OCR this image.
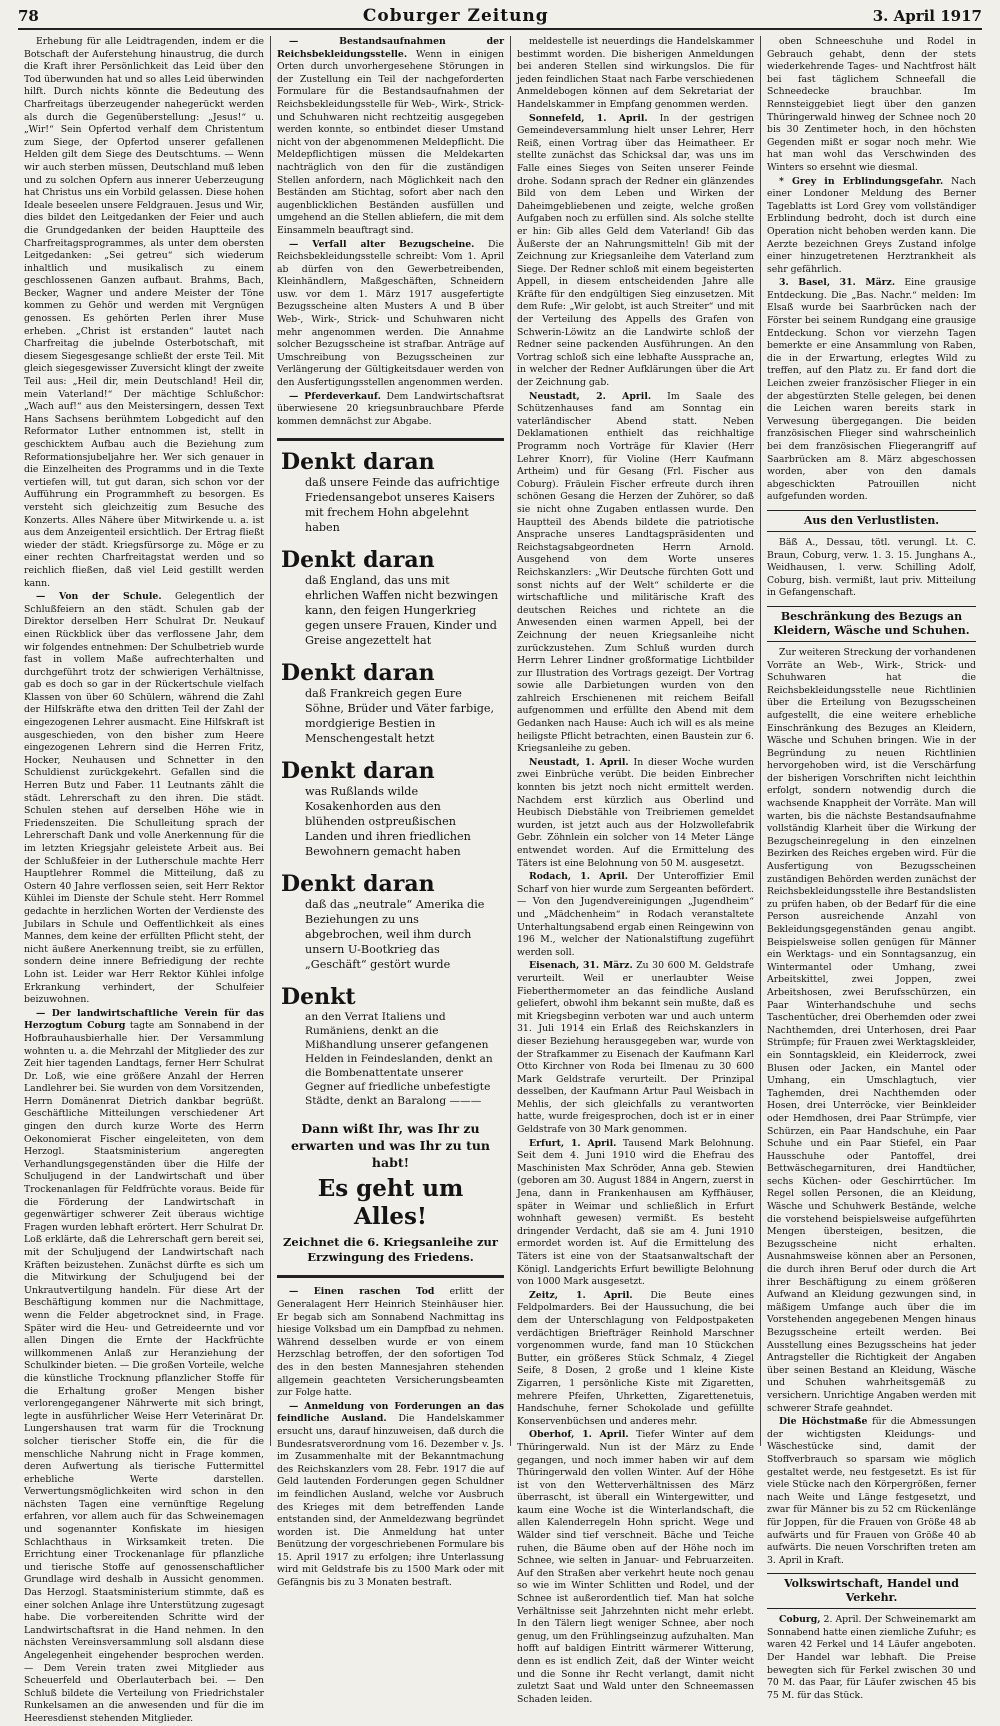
78	Coburger Zeitung	3. April 1917

Erhebung für alle Leidtragenden, indem er die Botschaft der Auferstehung hinaustrug, die durch die Kraft ihrer Persönlichkeit das Leid über den Tod überwunden hat und so alles Leid überwinden hilft. Durch nichts könnte die Bedeutung des Charfreitags überzeugender nahegerückt werden als durch die Gegenüberstellung: „Jesus!“ u. „Wir!“ Sein Opfertod verhalf dem Christentum zum Siege, der Opfertod unserer gefallenen Helden gilt dem Siege des Deutschtums. — Wenn wir auch sterben müssen, Deutschland muß leben und zu solchen Opfern aus innerer Ueberzeugung hat Christus uns ein Vorbild gelassen. Diese hohen Ideale beseelen unsere Feldgrauen. Jesus und Wir, dies bildet den Leitgedanken der Feier und auch die Grundgedanken der beiden Hauptteile des Charfreitagsprogrammes, als unter dem obersten Leitgedanken: „Sei getreu“ sich wiederum inhaltlich und musikalisch zu einem geschlossenen Ganzen aufbaut. Brahms, Bach, Becker, Wagner und andere Meister der Töne kommen zu Gehör und werden mit Vergnügen genossen. Es gehörten Perlen ihrer Muse erheben. „Christ ist erstanden“ lautet nach Charfreitag die jubelnde Osterbotschaft, mit diesem Siegesgesange schließt der erste Teil. Mit gleich siegesgewisser Zuversicht klingt der zweite Teil aus: „Heil dir, mein Deutschland! Heil dir, mein Vaterland!“ Der mächtige Schlußchor: „Wach auf!“ aus den Meistersingern, dessen Text Hans Sachsens berühmtem Lobgedicht auf den Reformator Luther entnommen ist, stellt in geschicktem Aufbau auch die Beziehung zum Reformationsjubeljahre her. Wer sich genauer in die Einzelheiten des Programms und in die Texte vertiefen will, tut gut daran, sich schon vor der Aufführung ein Programmheft zu besorgen. Es versteht sich gleichzeitig zum Besuche des Konzerts. Alles Nähere über Mitwirkende u. a. ist aus dem Anzeigenteil ersichtlich. Der Ertrag fließt wieder der städt. Kriegsfürsorge zu. Möge er zu einer rechten Charfreitagstat werden und so reichlich fließen, daß viel Leid gestillt werden kann.

— Von der Schule. Gelegentlich der Schlußfeiern an den städt. Schulen gab der Direktor derselben Herr Schulrat Dr. Neukauf einen Rückblick über das verflossene Jahr, dem wir folgendes entnehmen: Der Schulbetrieb wurde fast in vollem Maße aufrechterhalten und durchgeführt trotz der schwierigen Verhältnisse, gab es doch so gar in der Rückertschule vielfach Klassen von über 60 Schülern, während die Zahl der Hilfskräfte etwa den dritten Teil der Zahl der eingezogenen Lehrer ausmacht. Eine Hilfskraft ist ausgeschieden, von den bisher zum Heere eingezogenen Lehrern sind die Herren Fritz, Hocker, Neuhausen und Schnetter in den Schuldienst zurückgekehrt. Gefallen sind die Herren Butz und Faber. 11 Leutnants zählt die städt. Lehrerschaft zu den ihren. Die städt. Schulen stehen auf derselben Höhe wie in Friedenszeiten. Die Schulleitung sprach der Lehrerschaft Dank und volle Anerkennung für die im letzten Kriegsjahr geleistete Arbeit aus. Bei der Schlußfeier in der Lutherschule machte Herr Hauptlehrer Rommel die Mitteilung, daß zu Ostern 40 Jahre verflossen seien, seit Herr Rektor Kühlei im Dienste der Schule steht. Herr Rommel gedachte in herzlichen Worten der Verdienste des Jubilars in Schule und Oeffentlichkeit als eines Mannes, dem keine der erfüllten Pflicht steht, der nicht äußere Anerkennung treibt, sie zu erfüllen, sondern deine innere Befriedigung der rechte Lohn ist. Leider war Herr Rektor Kühlei infolge Erkrankung verhindert, der Schulfeier beizuwohnen.

— Der landwirtschaftliche Verein für das Herzogtum Coburg tagte am Sonnabend in der Hofbrauhausbierhalle hier. Der Versammlung wohnten u. a. die Mehrzahl der Mitglieder des zur Zeit hier tagenden Landtags, ferner Herr Schulrat Dr. Loß, wie eine größere Anzahl der Herren Landlehrer bei. Sie wurden von dem Vorsitzenden, Herrn Domänenrat Dietrich dankbar begrüßt. Geschäftliche Mitteilungen verschiedener Art gingen den durch kurze Worte des Herrn Oekonomierat Fischer eingeleiteten, von dem Herzogl. Staatsministerium angeregten Verhandlungsgegenständen über die Hilfe der Schuljugend in der Landwirtschaft und über Trockenanlagen für Feldfrüchte voraus. Beide für die Förderung der Landwirtschaft in gegenwärtiger schwerer Zeit überaus wichtige Fragen wurden lebhaft erörtert. Herr Schulrat Dr. Loß erklärte, daß die Lehrerschaft gern bereit sei, mit der Schuljugend der Landwirtschaft nach Kräften beizustehen. Zunächst dürfte es sich um die Mitwirkung der Schuljugend bei der Unkrautvertilgung handeln. Für diese Art der Beschäftigung kommen nur die Nachmittage, wenn die Felder abgetrocknet sind, in Frage. Später wird die Heu- und Getreideernte und vor allen Dingen die Ernte der Hackfrüchte willkommenen Anlaß zur Heranziehung der Schulkinder bieten. — Die großen Vorteile, welche die künstliche Trocknung pflanzlicher Stoffe für die Erhaltung großer Mengen bisher verlorengegangener Nährwerte mit sich bringt, legte in ausführlicher Weise Herr Veterinärat Dr. Lungershausen trat warm für die Trocknung solcher tierischer Stoffe ein, die für die menschliche Nahrung nicht in Frage kommen, deren Aufwertung als tierische Futtermittel erhebliche Werte darstellen. Verwertungsmöglichkeiten wird schon in den nächsten Tagen eine vernünftige Regelung erfahren, vor allem auch für das Schweinemagen und sogenannter Konfiskate im hiesigen Schlachthaus in Wirksamkeit treten. Die Errichtung einer Trockenanlage für pflanzliche und tierische Stoffe auf genossenschaftlicher Grundlage wird deshalb in Aussicht genommen. Das Herzogl. Staatsministerium stimmte, daß es einer solchen Anlage ihre Unterstützung zugesagt habe. Die vorbereitenden Schritte wird der Landwirtschaftsrat in die Hand nehmen. In den nächsten Vereinsversammlung soll alsdann diese Angelegenheit eingehender besprochen werden. — Dem Verein traten zwei Mitglieder aus Scheuerfeld und Oberlauterbach bei. — Den Schluß bildete die Verteilung von Friedrichstaler Runkelsamen an die anwesenden und für die im Heeresdienst stehenden Mitglieder.

— Bestandsaufnahmen der Reichsbekleidungsstelle. Wenn in einigen Orten durch unvorhergesehene Störungen in der Zustellung ein Teil der nachgeforderten Formulare für die Bestandsaufnahmen der Reichsbekleidungsstelle für Web-, Wirk-, Strick- und Schuhwaren nicht rechtzeitig ausgegeben werden konnte, so entbindet dieser Umstand nicht von der abgenommenen Meldepflicht. Die Meldepflichtigen müssen die Meldekarten nachträglich von den für die zuständigen Stellen anfordern, nach Möglichkeit nach den Beständen am Stichtag, sofort aber nach den augenblicklichen Beständen ausfüllen und umgehend an die Stellen abliefern, die mit dem Einsammeln beauftragt sind.

— Verfall alter Bezugscheine. Die Reichsbekleidungsstelle schreibt: Vom 1. April ab dürfen von den Gewerbetreibenden, Kleinhändlern, Maßgeschäften, Schneidern usw. vor dem 1. März 1917 ausgefertigte Bezugsscheine alten Musters A und B über Web-, Wirk-, Strick- und Schuhwaren nicht mehr angenommen werden. Die Annahme solcher Bezugsscheine ist strafbar. Anträge auf Umschreibung von Bezugsscheinen zur Verlängerung der Gültigkeitsdauer werden von den Ausfertigungsstellen angenommen werden.

— Pferdeverkauf. Dem Landwirtschaftsrat überwiesene 20 kriegsunbrauchbare Pferde kommen demnächst zur Abgabe.

Denkt daran
daß unsere Feinde das aufrichtige Friedensangebot unseres Kaisers mit frechem Hohn abgelehnt haben
Denkt daran
daß England, das uns mit ehrlichen Waffen nicht bezwingen kann, den feigen Hungerkrieg gegen unsere Frauen, Kinder und Greise angezettelt hat
Denkt daran
daß Frankreich gegen Eure Söhne, Brüder und Väter farbige, mordgierige Bestien in Menschengestalt hetzt
Denkt daran
was Rußlands wilde Kosakenhorden aus den blühenden ostpreußischen Landen und ihren friedlichen Bewohnern gemacht haben
Denkt daran
daß das „neutrale“ Amerika die Beziehungen zu uns abgebrochen, weil ihm durch unsern U-Bootkrieg das „Geschäft“ gestört wurde
Denkt
an den Verrat Italiens und Rumäniens, denkt an die Mißhandlung unserer gefangenen Helden in Feindeslanden, denkt an die Bombenattentate unserer Gegner auf friedliche unbefestigte Städte, denkt an Baralong ———
Dann wißt Ihr, was Ihr zu erwarten und was Ihr zu tun habt!
Es geht um Alles!
Zeichnet die 6. Kriegsanleihe zur Erzwingung des Friedens.

— Einen raschen Tod erlitt der Generalagent Herr Heinrich Steinhäuser hier. Er begab sich am Sonnabend Nachmittag ins hiesige Volksbad um ein Dampfbad zu nehmen. Während desselben wurde er von einem Herzschlag betroffen, der den sofortigen Tod des in den besten Mannesjahren stehenden allgemein geachteten Versicherungsbeamten zur Folge hatte.

— Anmeldung von Forderungen an das feindliche Ausland. Die Handelskammer ersucht uns, darauf hinzuweisen, daß durch die Bundesratsverordnung vom 16. Dezember v. Js. im Zusammenhalte mit der Bekanntmachung des Reichskanzlers vom 28. Febr. 1917 die auf Geld lautenden Forderungen gegen Schuldner im feindlichen Ausland, welche vor Ausbruch des Krieges mit dem betreffenden Lande entstanden sind, der Anmeldezwang begründet worden ist. Die Anmeldung hat unter Benützung der vorgeschriebenen Formulare bis 15. April 1917 zu erfolgen; ihre Unterlassung wird mit Geldstrafe bis zu 1500 Mark oder mit Gefängnis bis zu 3 Monaten bestraft.

meldestelle ist neuerdings die Handelskammer bestimmt worden. Die bisherigen Anmeldungen bei anderen Stellen sind wirkungslos. Die für jeden feindlichen Staat nach Farbe verschiedenen Anmeldebogen können auf dem Sekretariat der Handelskammer in Empfang genommen werden.

Sonnefeld, 1. April. In der gestrigen Gemeindeversammlung hielt unser Lehrer, Herr Reiß, einen Vortrag über das Heimatheer. Er stellte zunächst das Schicksal dar, was uns im Falle eines Sieges von Seiten unserer Feinde drohe. Sodann sprach der Redner ein glänzendes Bild von dem Leben und Wirken der Daheimgebliebenen und zeigte, welche großen Aufgaben noch zu erfüllen sind. Als solche stellte er hin: Gib alles Geld dem Vaterland! Gib das Äußerste der an Nahrungsmitteln! Gib mit der Zeichnung zur Kriegsanleihe dem Vaterland zum Siege. Der Redner schloß mit einem begeisterten Appell, in diesem entscheidenden Jahre alle Kräfte für den endgültigen Sieg einzusetzen. Mit dem Rufe: „Wir gelobt, ist auch Streiter“ und mit der Verteilung des Appells des Grafen von Schwerin-Löwitz an die Landwirte schloß der Redner seine packenden Ausführungen. An den Vortrag schloß sich eine lebhafte Aussprache an, in welcher der Redner Aufklärungen über die Art der Zeichnung gab.

Neustadt, 2. April. Im Saale des Schützenhauses fand am Sonntag ein vaterländischer Abend statt. Neben Deklamationen enthielt das reichhaltige Programm noch Vorträge für Klavier (Herr Lehrer Knorr), für Violine (Herr Kaufmann Artheim) und für Gesang (Frl. Fischer aus Coburg). Fräulein Fischer erfreute durch ihren schönen Gesang die Herzen der Zuhörer, so daß sie nicht ohne Zugaben entlassen wurde. Den Hauptteil des Abends bildete die patriotische Ansprache unseres Landtagspräsidenten und Reichstagsabgeordneten Herrn Arnold. Ausgehend von dem Worte unseres Reichskanzlers: „Wir Deutsche fürchten Gott und sonst nichts auf der Welt“ schilderte er die wirtschaftliche und militärische Kraft des deutschen Reiches und richtete an die Anwesenden einen warmen Appell, bei der Zeichnung der neuen Kriegsanleihe nicht zurückzustehen. Zum Schluß wurden durch Herrn Lehrer Lindner großformatige Lichtbilder zur Illustration des Vortrags gezeigt. Der Vortrag sowie alle Darbietungen wurden von den zahlreich Erschienenen mit reichem Beifall aufgenommen und erfüllte den Abend mit dem Gedanken nach Hause: Auch ich will es als meine heiligste Pflicht betrachten, einen Baustein zur 6. Kriegsanleihe zu geben.

Neustadt, 1. April. In dieser Woche wurden zwei Einbrüche verübt. Die beiden Einbrecher konnten bis jetzt noch nicht ermittelt werden. Nachdem erst kürzlich aus Oberlind und Heubisch Diebstähle von Treibriemen gemeldet wurden, ist jetzt auch aus der Holzwollefabrik Gebr. Zöhnlein ein solcher von 14 Meter Länge entwendet worden. Auf die Ermittelung des Täters ist eine Belohnung von 50 M. ausgesetzt.

Rodach, 1. April. Der Unteroffizier Emil Scharf von hier wurde zum Sergeanten befördert. — Von den Jugendvereinigungen „Jugendheim“ und „Mädchenheim“ in Rodach veranstaltete Unterhaltungsabend ergab einen Reingewinn von 196 M., welcher der Nationalstiftung zugeführt werden soll.

Eisenach, 31. März. Zu 30 600 M. Geldstrafe verurteilt. Weil er unerlaubter Weise Fieberthermometer an das feindliche Ausland geliefert, obwohl ihm bekannt sein mußte, daß es mit Kriegsbeginn verboten war und auch unterm 31. Juli 1914 ein Erlaß des Reichskanzlers in dieser Beziehung herausgegeben war, wurde von der Strafkammer zu Eisenach der Kaufmann Karl Otto Kirchner von Roda bei Ilmenau zu 30 600 Mark Geldstrafe verurteilt. Der Prinzipal desselben, der Kaufmann Artur Paul Weisbach in Mehlis, der sich gleichfalls zu verantworten hatte, wurde freigesprochen, doch ist er in einer Geldstrafe von 30 Mark genommen.

Erfurt, 1. April. Tausend Mark Belohnung. Seit dem 4. Juni 1910 wird die Ehefrau des Maschinisten Max Schröder, Anna geb. Stewien (geboren am 30. August 1884 in Angern, zuerst in Jena, dann in Frankenhausen am Kyffhäuser, später in Weimar und schließlich in Erfurt wohnhaft gewesen) vermißt. Es besteht dringender Verdacht, daß sie am 4. Juni 1910 ermordet worden ist. Auf die Ermittelung des Täters ist eine von der Staatsanwaltschaft der Königl. Landgerichts Erfurt bewilligte Belohnung von 1000 Mark ausgesetzt.

Zeitz, 1. April. Die Beute eines Feldpolmarders. Bei der Haussuchung, die bei dem der Unterschlagung von Feldpostpaketen verdächtigen Briefträger Reinhold Marschner vorgenommen wurde, fand man 10 Stückchen Butter, ein größeres Stück Schmalz, 4 Ziegel Seife, 8 Dosen, 2 große und 1 kleine Kiste Zigarren, 1 persönliche Kiste mit Zigaretten, mehrere Pfeifen, Uhrketten, Zigarettenetuis, Handschuhe, ferner Schokolade und gefüllte Konservenbüchsen und anderes mehr.

Oberhof, 1. April. Tiefer Winter auf dem Thüringerwald. Nun ist der März zu Ende gegangen, und noch immer haben wir auf dem Thüringerwald den vollen Winter. Auf der Höhe ist von den Wetterverhältnissen des März überrascht, ist überall ein Wintergewitter, und kaum eine Woche ist die Winterlandschaft, die allen Kalenderregeln Hohn spricht. Wege und Wälder sind tief verschneit. Bäche und Teiche ruhen, die Bäume oben auf der Höhe noch im Schnee, wie selten in Januar- und Februarzeiten. Auf den Straßen aber verkehrt heute noch genau so wie im Winter Schlitten und Rodel, und der Schnee ist außerordentlich tief. Man hat solche Verhältnisse seit Jahrzehnten nicht mehr erlebt. In den Tälern liegt weniger Schnee, aber noch genug, um den Frühlingseinzug aufzuhalten. Man hofft auf baldigen Eintritt wärmerer Witterung, denn es ist endlich Zeit, daß der Winter weicht und die Sonne ihr Recht verlangt, damit nicht zuletzt Saat und Wald unter den Schneemassen Schaden leiden.

oben Schneeschuhe und Rodel in Gebrauch gehabt, denn der stets wiederkehrende Tages- und Nachtfrost hält bei fast täglichem Schneefall die Schneedecke brauchbar. Im Rennsteiggebiet liegt über den ganzen Thüringerwald hinweg der Schnee noch 20 bis 30 Zentimeter hoch, in den höchsten Gegenden mißt er sogar noch mehr. Wie hat man wohl das Verschwinden des Winters so ersehnt wie diesmal.

* Grey in Erblindungsgefahr. Nach einer Londoner Meldung des Berner Tageblatts ist Lord Grey vom vollständiger Erblindung bedroht, doch ist durch eine Operation nicht behoben werden kann. Die Aerzte bezeichnen Greys Zustand infolge einer hinzugetretenen Herztrankheit als sehr gefährlich.

3. Basel, 31. März. Eine grausige Entdeckung. Die „Bas. Nachr.“ melden: Im Elsaß wurde bei Saarbrücken nach der Förster bei seinem Rundgang eine grausige Entdeckung. Schon vor vierzehn Tagen bemerkte er eine Ansammlung von Raben, die in der Erwartung, erlegtes Wild zu treffen, auf den Platz zu. Er fand dort die Leichen zweier französischer Flieger in ein der abgestürzten Stelle gelegen, bei denen die Leichen waren bereits stark in Verwesung übergegangen. Die beiden französischen Flieger sind wahrscheinlich bei dem französischen Fliegerangriff auf Saarbrücken am 8. März abgeschossen worden, aber von den damals abgeschickten Patrouillen nicht aufgefunden worden.

Aus den Verlustlisten.

Bäß A., Dessau, tötl. verungl. Lt. C. Braun, Coburg, verw. 1. 3. 15. Junghans A., Weidhausen, l. verw. Schilling Adolf, Coburg, bish. vermißt, laut priv. Mitteilung in Gefangenschaft.

Beschränkung des Bezugs an Kleidern, Wäsche und Schuhen.

Zur weiteren Streckung der vorhandenen Vorräte an Web-, Wirk-, Strick- und Schuhwaren hat die Reichsbekleidungsstelle neue Richtlinien über die Erteilung von Bezugsscheinen aufgestellt, die eine weitere erhebliche Einschränkung des Bezuges an Kleidern, Wäsche und Schuhen bringen. Wie in der Begründung zu neuen Richtlinien hervorgehoben wird, ist die Verschärfung der bisherigen Vorschriften nicht leichthin erfolgt, sondern notwendig durch die wachsende Knappheit der Vorräte. Man will warten, bis die nächste Bestandsaufnahme vollständig Klarheit über die Wirkung der Bezugscheinregelung in den einzelnen Bezirken des Reiches ergeben wird. Für die Ausfertigung von Bezugsscheinen zuständigen Behörden werden zunächst der Reichsbekleidungsstelle ihre Bestandslisten zu prüfen haben, ob der Bedarf für die eine Person ausreichende Anzahl von Bekleidungsgegenständen genau angibt. Beispielsweise sollen genügen für Männer ein Werktags- und ein Sonntagsanzug, ein Wintermantel oder Umhang, zwei Arbeitskittel, zwei Joppen, zwei Arbeitshosen, zwei Berufsschürzen, ein Paar Winterhandschuhe und sechs Taschentücher, drei Oberhemden oder zwei Nachthemden, drei Unterhosen, drei Paar Strümpfe; für Frauen zwei Werktagskleider, ein Sonntagskleid, ein Kleiderrock, zwei Blusen oder Jacken, ein Mantel oder Umhang, ein Umschlagtuch, vier Taghemden, drei Nachthemden oder Hosen, drei Unterröcke, vier Beinkleider oder Hemdhosen, drei Paar Strümpfe, vier Schürzen, ein Paar Handschuhe, ein Paar Schuhe und ein Paar Stiefel, ein Paar Hausschuhe oder Pantoffel, drei Bettwäschegarnituren, drei Handtücher, sechs Küchen- oder Geschirrtücher. Im Regel sollen Personen, die an Kleidung, Wäsche und Schuhwerk Bestände, welche die vorstehend beispielsweise aufgeführten Mengen übersteigen, besitzen, die Bezugsscheine nicht erhalten. Ausnahmsweise können aber an Personen, die durch ihren Beruf oder durch die Art ihrer Beschäftigung zu einem größeren Aufwand an Kleidung gezwungen sind, in mäßigem Umfange auch über die im Vorstehenden angegebenen Mengen hinaus Bezugsscheine erteilt werden. Bei Ausstellung eines Bezugsscheins hat jeder Antragsteller die Richtigkeit der Angaben über seinen Bestand an Kleidung, Wäsche und Schuhen wahrheitsgemäß zu versichern. Unrichtige Angaben werden mit schwerer Strafe geahndet.

Die Höchstmaße für die Abmessungen der wichtigsten Kleidungs- und Wäschestücke sind, damit der Stoffverbrauch so sparsam wie möglich gestaltet werde, neu festgesetzt. Es ist für viele Stücke nach den Körpergrößen, ferner nach Weite und Länge festgesetzt, und zwar für Männer bis zu 52 cm Rückenlänge für Joppen, für die Frauen von Größe 48 ab aufwärts und für Frauen von Größe 40 ab aufwärts. Die neuen Vorschriften treten am 3. April in Kraft.

Volkswirtschaft, Handel und Verkehr.

Coburg, 2. April. Der Schweinemarkt am Sonnabend hatte einen ziemliche Zufuhr; es waren 42 Ferkel und 14 Läufer angeboten. Der Handel war lebhaft. Die Preise bewegten sich für Ferkel zwischen 30 und 70 M. das Paar, für Läufer zwischen 45 bis 75 M. für das Stück.
